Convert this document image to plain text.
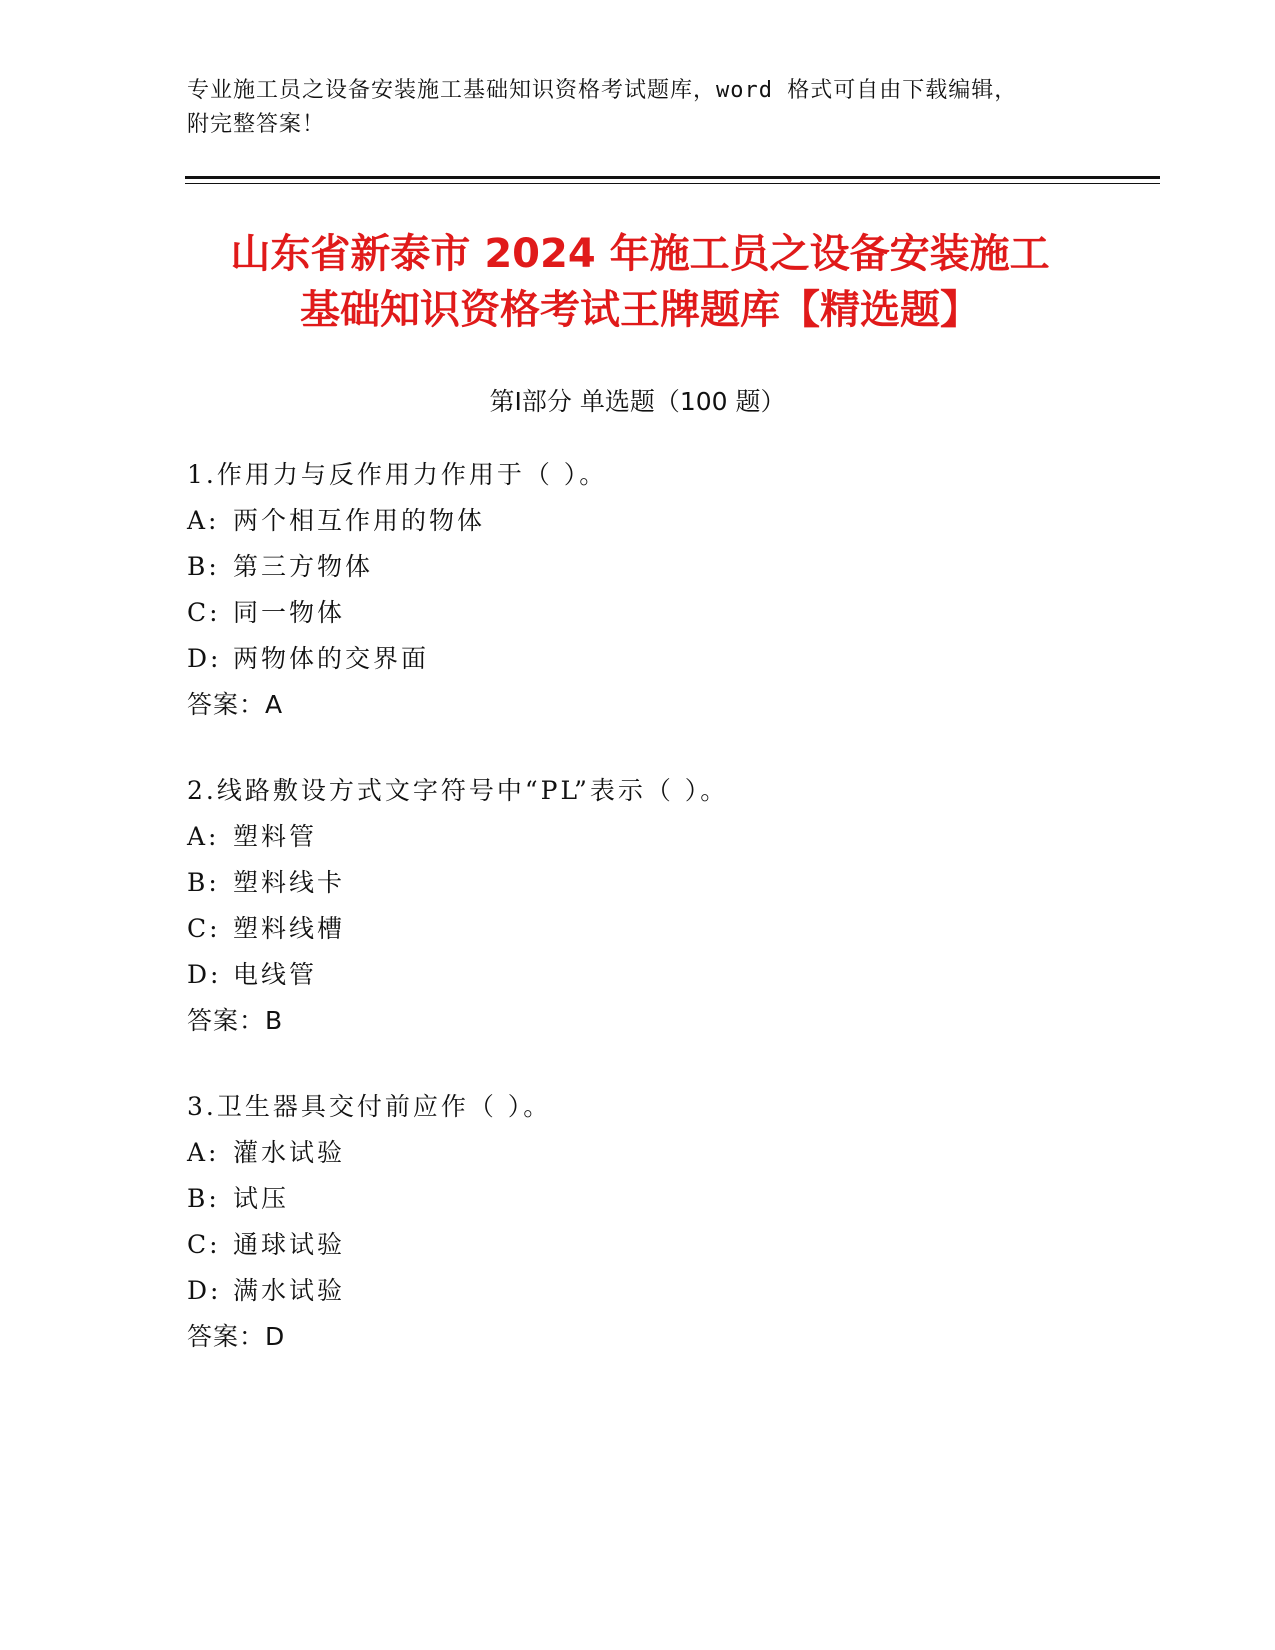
专业施工员之设备安装施工基础知识资格考试题库，word 格式可自由下载编辑，
附完整答案！
山东省新泰市 2024 年施工员之设备安装施工
基础知识资格考试王牌题库【精选题】
第Ⅰ部分 单选题（100 题）
1.作用力与反作用力作用于（ ）。
A: 两个相互作用的物体
B: 第三方物体
C: 同一物体
D: 两物体的交界面
答案：A
2.线路敷设方式文字符号中“PL”表示（ ）。
A: 塑料管
B: 塑料线卡
C: 塑料线槽
D: 电线管
答案：B
3.卫生器具交付前应作（ ）。
A: 灌水试验
B: 试压
C: 通球试验
D: 满水试验
答案：D
